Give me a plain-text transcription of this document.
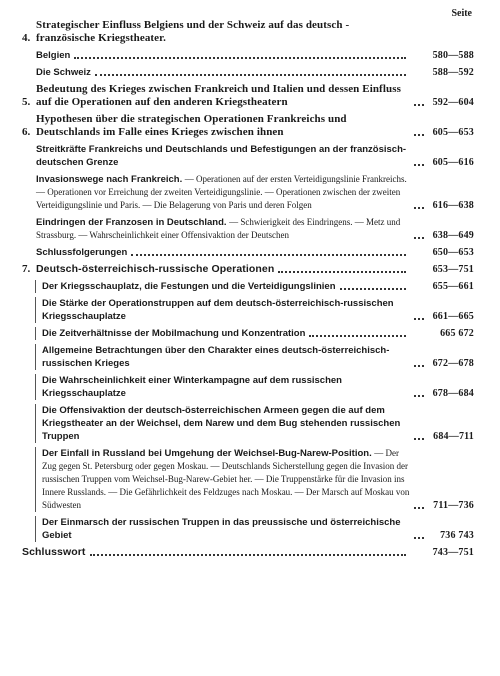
Seite
4.
Strategischer Einfluss Belgiens und der Schweiz auf das deutsch - französische Kriegstheater.
Belgien	580—588
Die Schweiz	588—592
5.
Bedeutung des Krieges zwischen Frankreich und Italien und dessen Einfluss auf die Operationen auf den anderen Kriegstheatern	592—604
6.
Hypothesen über die strategischen Operationen Frankreichs und Deutschlands im Falle eines Krieges zwischen ihnen	605—653
Streitkräfte Frankreichs und Deutschlands und Befestigungen an der französisch-deutschen Grenze	605—616
Invasionswege nach Frankreich. — Operationen auf der ersten Verteidigungslinie Frankreichs. — Operationen vor Erreichung der zweiten Verteidigungslinie. — Operationen zwischen der zweiten Verteidigungslinie und Paris. — Die Belagerung von Paris und deren Folgen	616—638
Eindringen der Franzosen in Deutschland. — Schwierigkeit des Eindringens. — Metz und Strassburg. — Wahrscheinlichkeit einer Offensivaktion der Deutschen	638—649
Schlussfolgerungen	650—653
7. Deutsch-österreichisch-russische Operationen	653—751
Der Kriegsschauplatz, die Festungen und die Verteidigungslinien	655—661
Die Stärke der Operationstruppen auf dem deutsch-österreichisch-russischen Kriegsschauplatze	661—665
Die Zeitverhältnisse der Mobilmachung und Konzentration	665 672
Allgemeine Betrachtungen über den Charakter eines deutsch-österreichisch-russischen Krieges	672—678
Die Wahrscheinlichkeit einer Winterkampagne auf dem russischen Kriegsschauplatze	678—684
Die Offensivaktion der deutsch-österreichischen Armeen gegen die auf dem Kriegstheater an der Weichsel, dem Narew und dem Bug stehenden russischen Truppen	684—711
Der Einfall in Russland bei Umgehung der Weichsel-Bug-Narew-Position. — Der Zug gegen St. Petersburg oder gegen Moskau. — Deutschlands Sicherstellung gegen die Invasion der russischen Truppen vom Weichsel-Bug-Narew-Gebiet her. — Die Truppenstärke für die Invasion ins Innere Russlands. — Die Gefährlichkeit des Feldzuges nach Moskau. — Der Marsch auf Moskau von Südwesten	711—736
Der Einmarsch der russischen Truppen in das preussische und österreichische Gebiet	736 743
Schlusswort	743—751
